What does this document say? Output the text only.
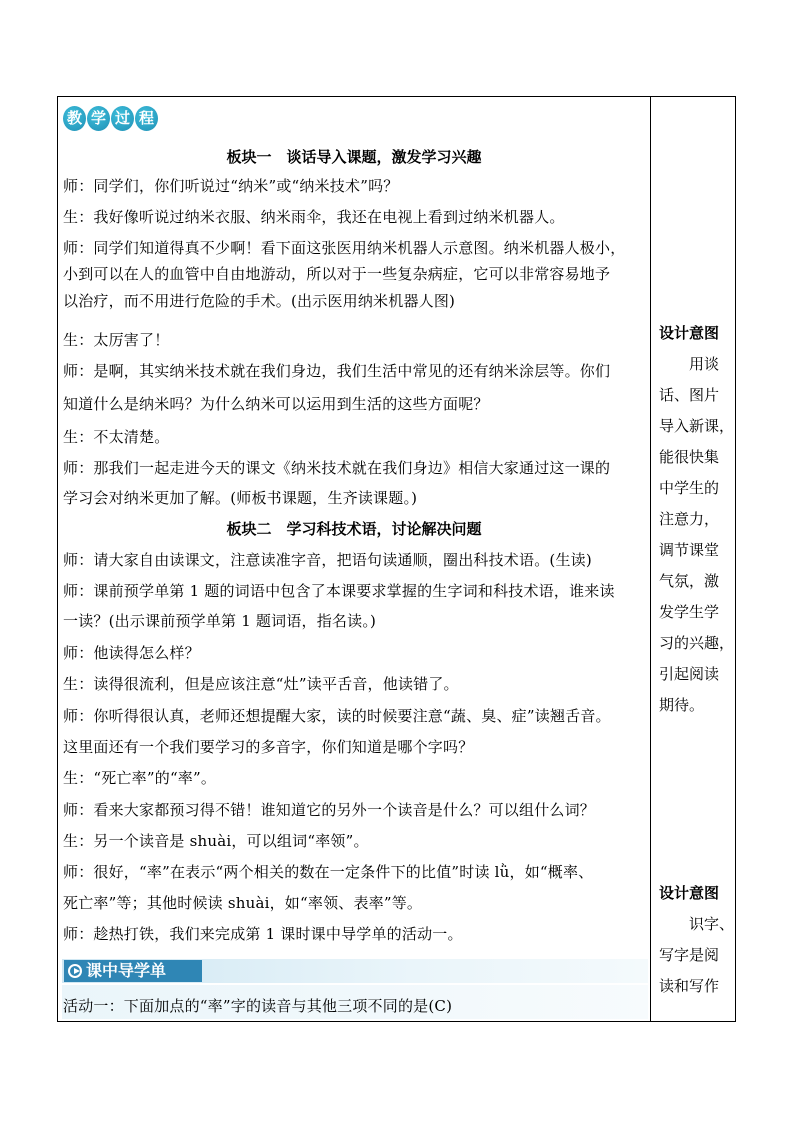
教 学 过 程
板块一　谈话导入课题，激发学习兴趣
师：同学们，你们听说过“纳米”或“纳米技术”吗？
生：我好像听说过纳米衣服、纳米雨伞，我还在电视上看到过纳米机器人。
师：同学们知道得真不少啊！看下面这张医用纳米机器人示意图。纳米机器人极小，
小到可以在人的血管中自由地游动，所以对于一些复杂病症，它可以非常容易地予
以治疗，而不用进行危险的手术。(出示医用纳米机器人图)
生：太厉害了！
师：是啊，其实纳米技术就在我们身边，我们生活中常见的还有纳米涂层等。你们
知道什么是纳米吗？为什么纳米可以运用到生活的这些方面呢？
生：不太清楚。
师：那我们一起走进今天的课文《纳米技术就在我们身边》相信大家通过这一课的
学习会对纳米更加了解。(师板书课题，生齐读课题。)
板块二　学习科技术语，讨论解决问题
师：请大家自由读课文，注意读准字音，把语句读通顺，圈出科技术语。(生读)
师：课前预学单第 1 题的词语中包含了本课要求掌握的生字词和科技术语，谁来读
一读？(出示课前预学单第 1 题词语，指名读。)
师：他读得怎么样？
生：读得很流利，但是应该注意“灶”读平舌音，他读错了。
师：你听得很认真，老师还想提醒大家，读的时候要注意“蔬、臭、症”读翘舌音。
这里面还有一个我们要学习的多音字，你们知道是哪个字吗？
生：“死亡率”的“率”。
师：看来大家都预习得不错！谁知道它的另外一个读音是什么？可以组什么词？
生：另一个读音是 shuài，可以组词“率领”。
师：很好，“率”在表示“两个相关的数在一定条件下的比值”时读 lǜ，如“概率、
死亡率”等；其他时候读 shuài，如“率领、表率”等。
师：趁热打铁，我们来完成第 1 课时课中导学单的活动一。
课中导学单
活动一：下面加点的“率”字的读音与其他三项不同的是(C)
设计意图
用谈
话、图片
导入新课，
能很快集
中学生的
注意力，
调节课堂
气氛，激
发学生学
习的兴趣，
引起阅读
期待。
设计意图
识字、
写字是阅
读和写作
